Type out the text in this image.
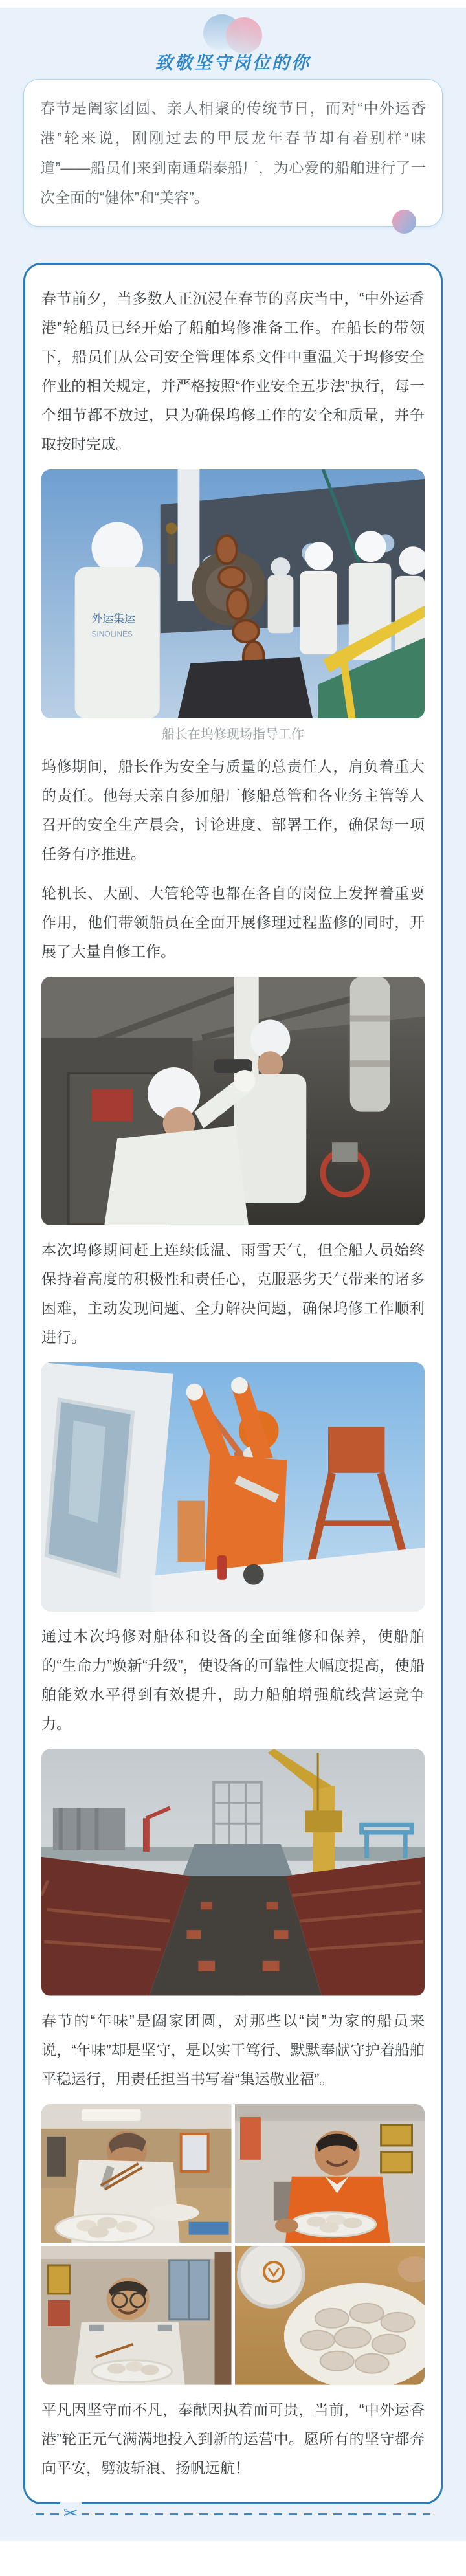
致敬坚守岗位的你

春节是阖家团圆、亲人相聚的传统节日，而对“中外运香港”轮来说，刚刚过去的甲辰龙年春节却有着别样“味道”——船员们来到南通瑞泰船厂，为心爱的船舶进行了一次全面的“健体”和“美容”。

春节前夕，当多数人正沉浸在春节的喜庆当中，“中外运香港”轮船员已经开始了船舶坞修准备工作。在船长的带领下，船员们从公司安全管理体系文件中重温关于坞修安全作业的相关规定，并严格按照“作业安全五步法”执行，每一个细节都不放过，只为确保坞修工作的安全和质量，并争取按时完成。

外运集运
SINOLINES
船长在坞修现场指导工作

坞修期间，船长作为安全与质量的总责任人，肩负着重大的责任。他每天亲自参加船厂修船总管和各业务主管等人召开的安全生产晨会，讨论进度、部署工作，确保每一项任务有序推进。

轮机长、大副、大管轮等也都在各自的岗位上发挥着重要作用，他们带领船员在全面开展修理过程监修的同时，开展了大量自修工作。

本次坞修期间赶上连续低温、雨雪天气，但全船人员始终保持着高度的积极性和责任心，克服恶劣天气带来的诸多困难，主动发现问题、全力解决问题，确保坞修工作顺利进行。

通过本次坞修对船体和设备的全面维修和保养，使船舶的“生命力”焕新“升级”，使设备的可靠性大幅度提高，使船舶能效水平得到有效提升，助力船舶增强航线营运竞争力。

春节的“年味”是阖家团圆，对那些以“岗”为家的船员来说，“年味”却是坚守，是以实干笃行、默默奉献守护着船舶平稳运行，用责任担当书写着“集运敬业福”。

平凡因坚守而不凡，奉献因执着而可贵，当前，“中外运香港”轮正元气满满地投入到新的运营中。愿所有的坚守都奔向平安，劈波斩浪、扬帆远航！

✂
